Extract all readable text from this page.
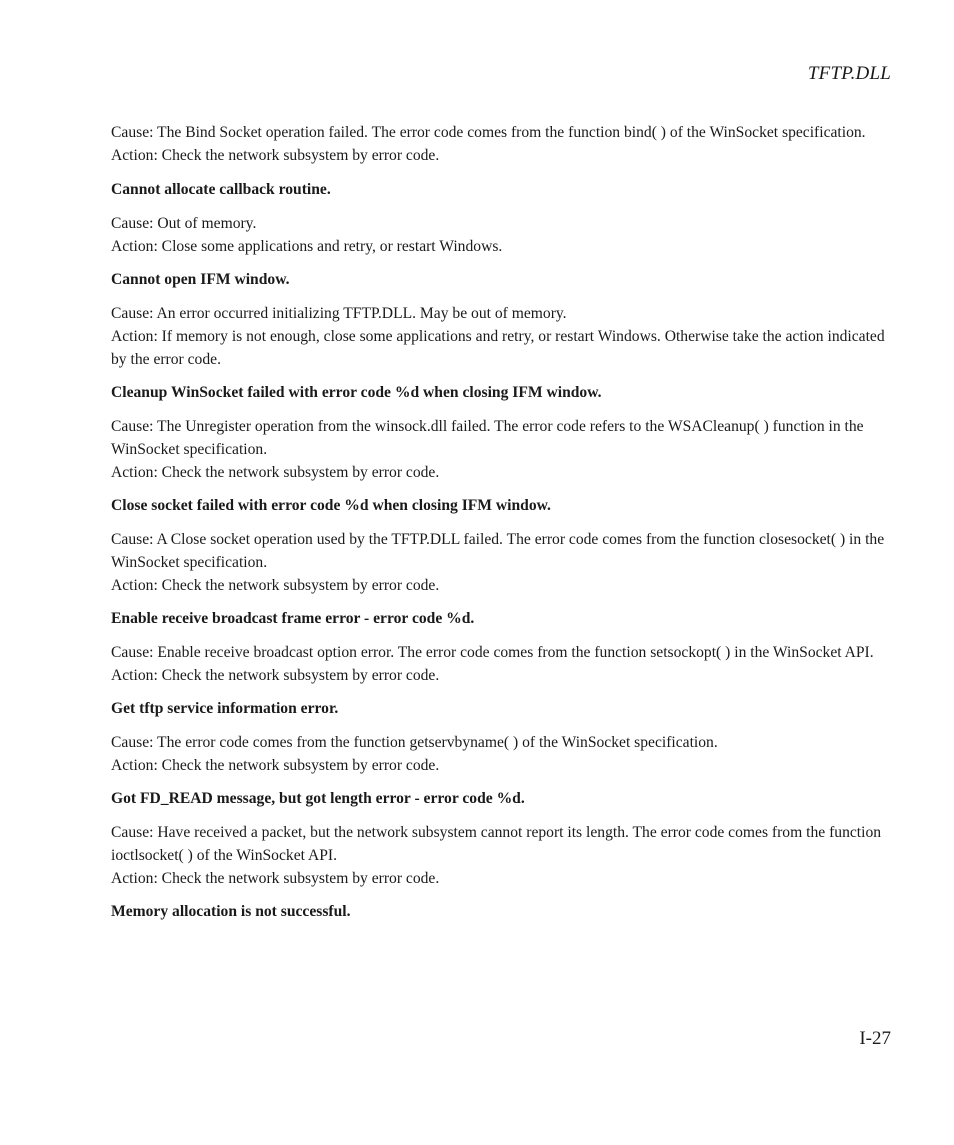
TFTP.DLL

Cause: The Bind Socket operation failed. The error code comes from the function bind( ) of the WinSocket specification.

Action: Check the network subsystem by error code.

Cannot allocate callback routine.

Cause: Out of memory.

Action: Close some applications and retry, or restart Windows.

Cannot open IFM window.

Cause: An error occurred initializing TFTP.DLL. May be out of memory.

Action: If memory is not enough, close some applications and retry, or restart Windows. Otherwise take the action indicated by the error code.

Cleanup WinSocket failed with error code %d when closing IFM window.

Cause: The Unregister operation from the winsock.dll failed. The error code refers to the WSACleanup( ) function in the WinSocket specification.

Action: Check the network subsystem by error code.

Close socket failed with error code %d when closing IFM window.

Cause: A Close socket operation used by the TFTP.DLL failed. The error code comes from the function closesocket( ) in the WinSocket specification.

Action: Check the network subsystem by error code.

Enable receive broadcast frame error - error code %d.

Cause: Enable receive broadcast option error. The error code comes from the function setsockopt( ) in the WinSocket API.

Action: Check the network subsystem by error code.

Get tftp service information error.

Cause: The error code comes from the function getservbyname( ) of the WinSocket specification.

Action: Check the network subsystem by error code.

Got FD_READ message, but got length error - error code %d.

Cause: Have received a packet, but the network subsystem cannot report its length. The error code comes from the function ioctlsocket( ) of the WinSocket API.

Action: Check the network subsystem by error code.

Memory allocation is not successful.

I-27
